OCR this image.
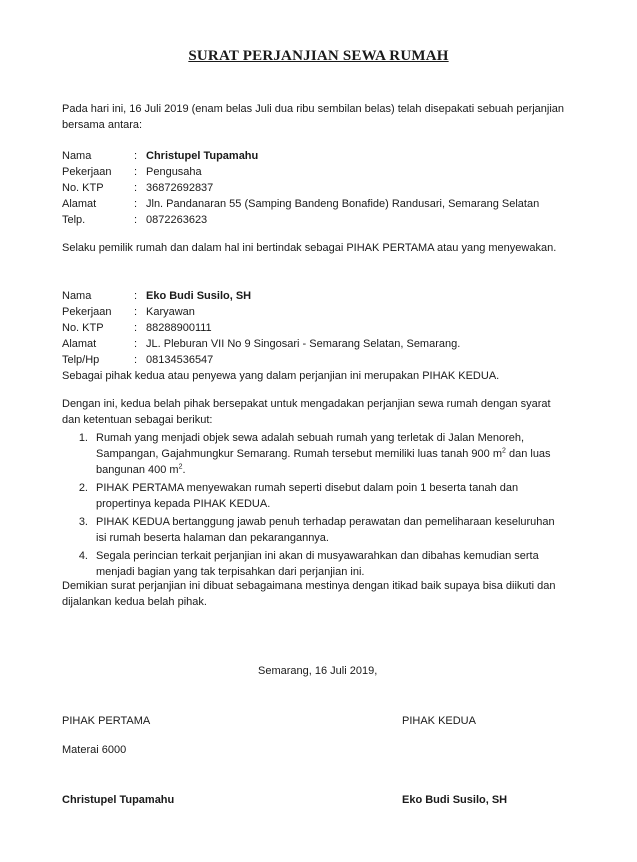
SURAT PERJANJIAN SEWA RUMAH
Pada hari ini, 16 Juli 2019 (enam belas Juli dua ribu sembilan belas) telah disepakati sebuah perjanjian bersama antara:
Nama	: Christupel Tupamahu
Pekerjaan	: Pengusaha
No. KTP	: 36872692837
Alamat	: Jln. Pandanaran 55 (Samping Bandeng Bonafide) Randusari, Semarang Selatan
Telp.	: 0872263623
Selaku pemilik rumah dan dalam hal ini bertindak sebagai PIHAK PERTAMA atau yang menyewakan.
Nama	: Eko Budi Susilo, SH
Pekerjaan	: Karyawan
No. KTP	: 88288900111
Alamat	: JL. Pleburan VII No 9 Singosari - Semarang Selatan, Semarang.
Telp/Hp	: 08134536547
Sebagai pihak kedua atau penyewa yang dalam perjanjian ini merupakan PIHAK KEDUA.
Dengan ini, kedua belah pihak bersepakat untuk mengadakan perjanjian sewa rumah dengan syarat dan ketentuan sebagai berikut:
1. Rumah yang menjadi objek sewa adalah sebuah rumah yang terletak di Jalan Menoreh, Sampangan, Gajahmungkur Semarang. Rumah tersebut memiliki luas tanah 900 $m^2$ dan luas bangunan 400 $m^2$.
2. PIHAK PERTAMA menyewakan rumah seperti disebut dalam poin 1 beserta tanah dan propertinya kepada PIHAK KEDUA.
3. PIHAK KEDUA bertanggung jawab penuh terhadap perawatan dan pemeliharaan keseluruhan isi rumah beserta halaman dan pekarangannya.
4. Segala perincian terkait perjanjian ini akan di musyawarahkan dan dibahas kemudian serta menjadi bagian yang tak terpisahkan dari perjanjian ini.
Demikian surat perjanjian ini dibuat sebagaimana mestinya dengan itikad baik supaya bisa diikuti dan dijalankan kedua belah pihak.
Semarang, 16 Juli 2019,
PIHAK PERTAMA	PIHAK KEDUA
Materai 6000
Christupel Tupamahu	Eko Budi Susilo, SH
